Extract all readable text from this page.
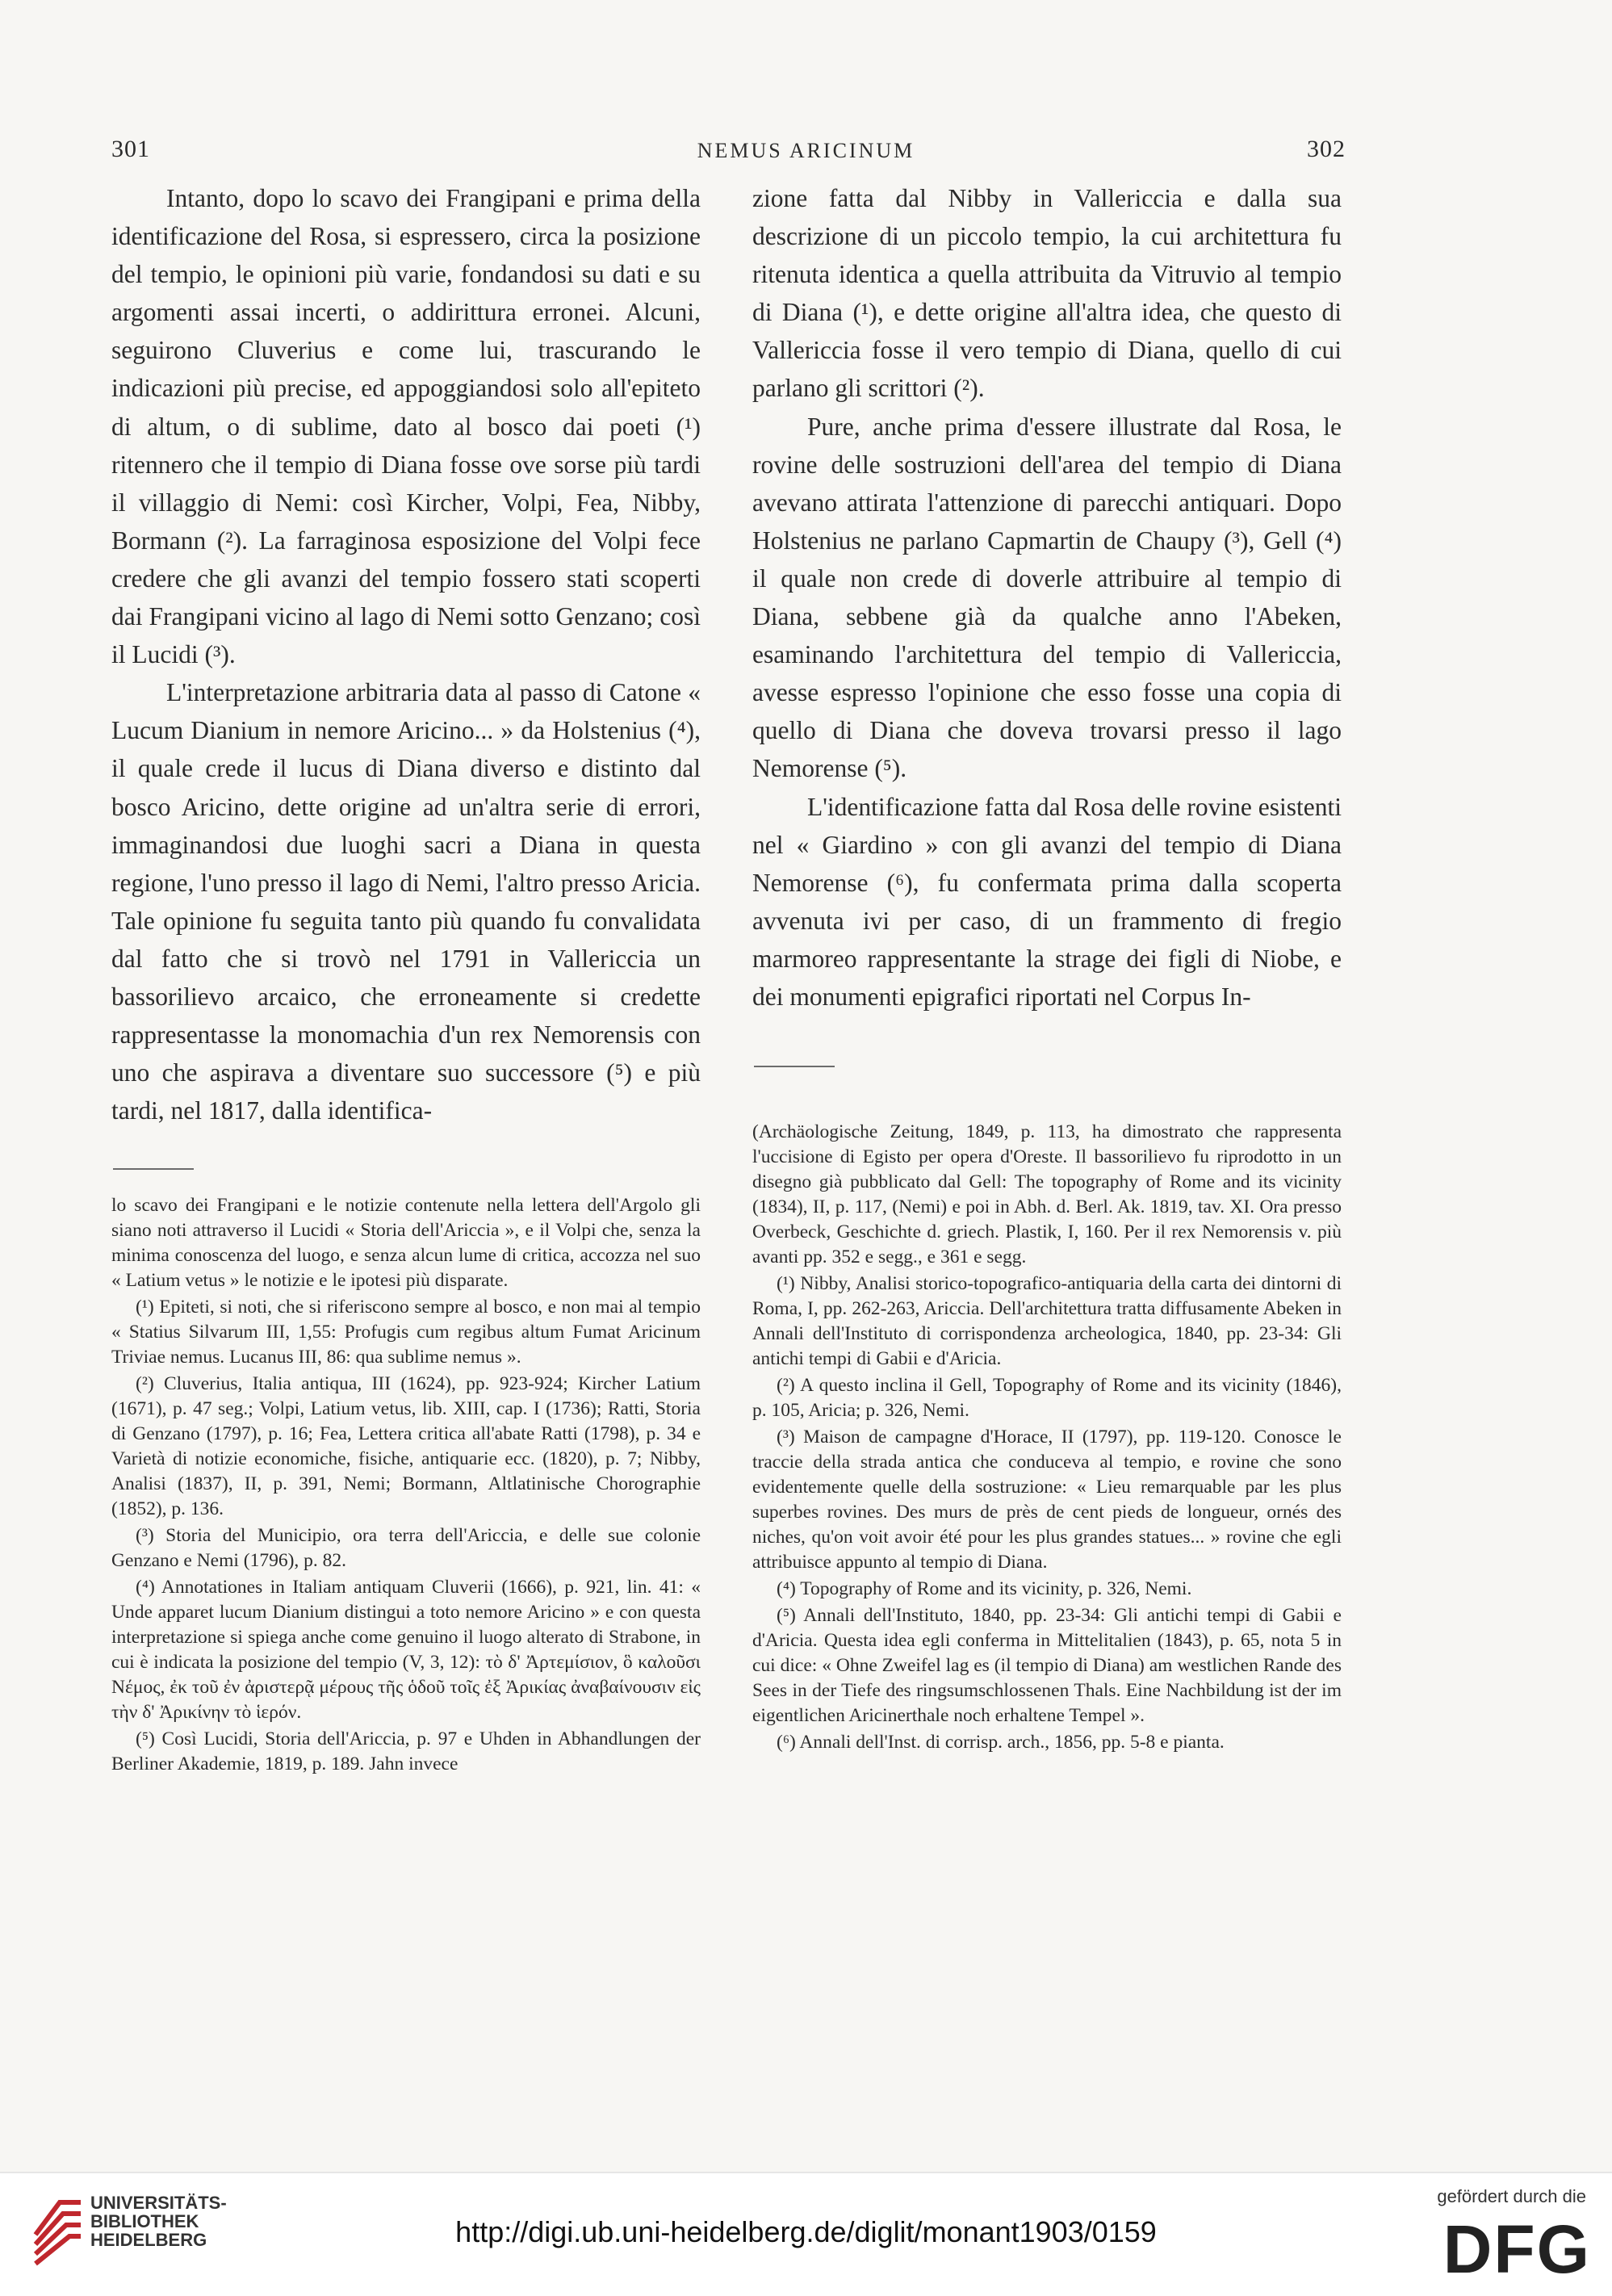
301	NEMUS ARICINUM	302

Intanto, dopo lo scavo dei Frangipani e prima della identificazione del Rosa, si espressero, circa la posizione del tempio, le opinioni più varie, fondandosi su dati e su argomenti assai incerti, o addirittura erronei. Alcuni, seguirono Cluverius e come lui, trascurando le indicazioni più precise, ed appoggiandosi solo all'epiteto di altum, o di sublime, dato al bosco dai poeti (¹) ritennero che il tempio di Diana fosse ove sorse più tardi il villaggio di Nemi: così Kircher, Volpi, Fea, Nibby, Bormann (²). La farraginosa esposizione del Volpi fece credere che gli avanzi del tempio fossero stati scoperti dai Frangipani vicino al lago di Nemi sotto Genzano; così il Lucidi (³).

L'interpretazione arbitraria data al passo di Catone « Lucum Dianium in nemore Aricino... » da Holstenius (⁴), il quale crede il lucus di Diana diverso e distinto dal bosco Aricino, dette origine ad un'altra serie di errori, immaginandosi due luoghi sacri a Diana in questa regione, l'uno presso il lago di Nemi, l'altro presso Aricia. Tale opinione fu seguita tanto più quando fu convalidata dal fatto che si trovò nel 1791 in Vallericcia un bassorilievo arcaico, che erroneamente si credette rappresentasse la monomachia d'un rex Nemorensis con uno che aspirava a diventare suo successore (⁵) e più tardi, nel 1817, dalla identifica-

zione fatta dal Nibby in Vallericcia e dalla sua descrizione di un piccolo tempio, la cui architettura fu ritenuta identica a quella attribuita da Vitruvio al tempio di Diana (¹), e dette origine all'altra idea, che questo di Vallericcia fosse il vero tempio di Diana, quello di cui parlano gli scrittori (²).

Pure, anche prima d'essere illustrate dal Rosa, le rovine delle sostruzioni dell'area del tempio di Diana avevano attirata l'attenzione di parecchi antiquari. Dopo Holstenius ne parlano Capmartin de Chaupy (³), Gell (⁴) il quale non crede di doverle attribuire al tempio di Diana, sebbene già da qualche anno l'Abeken, esaminando l'architettura del tempio di Vallericcia, avesse espresso l'opinione che esso fosse una copia di quello di Diana che doveva trovarsi presso il lago Nemorense (⁵).

L'identificazione fatta dal Rosa delle rovine esistenti nel « Giardino » con gli avanzi del tempio di Diana Nemorense (⁶), fu confermata prima dalla scoperta avvenuta ivi per caso, di un frammento di fregio marmoreo rappresentante la strage dei figli di Niobe, e dei monumenti epigrafici riportati nel Corpus In-

lo scavo dei Frangipani e le notizie contenute nella lettera dell'Argolo gli siano noti attraverso il Lucidi « Storia dell'Ariccia », e il Volpi che, senza la minima conoscenza del luogo, e senza alcun lume di critica, accozza nel suo « Latium vetus » le notizie e le ipotesi più disparate.

(¹) Epiteti, si noti, che si riferiscono sempre al bosco, e non mai al tempio « Statius Silvarum III, 1,55: Profugis cum regibus altum Fumat Aricinum Triviae nemus. Lucanus III, 86: qua sublime nemus ».

(²) Cluverius, Italia antiqua, III (1624), pp. 923-924; Kircher Latium (1671), p. 47 seg.; Volpi, Latium vetus, lib. XIII, cap. I (1736); Ratti, Storia di Genzano (1797), p. 16; Fea, Lettera critica all'abate Ratti (1798), p. 34 e Varietà di notizie economiche, fisiche, antiquarie ecc. (1820), p. 7; Nibby, Analisi (1837), II, p. 391, Nemi; Bormann, Altlatinische Chorographie (1852), p. 136.

(³) Storia del Municipio, ora terra dell'Ariccia, e delle sue colonie Genzano e Nemi (1796), p. 82.

(⁴) Annotationes in Italiam antiquam Cluverii (1666), p. 921, lin. 41: « Unde apparet lucum Dianium distingui a toto nemore Aricino » e con questa interpretazione si spiega anche come genuino il luogo alterato di Strabone, in cui è indicata la posizione del tempio (V, 3, 12): τὸ δ' Ἀρτεμίσιον, ὃ καλοῦσι Νέμος, ἐκ τοῦ ἐν ἀριστερᾷ μέρους τῆς ὁδοῦ τοῖς ἐξ Ἀρικίας ἀναβαίνουσιν εἰς τὴν δ' Ἀρικίνην τὸ ἱερόν.

(⁵) Così Lucidi, Storia dell'Ariccia, p. 97 e Uhden in Abhandlungen der Berliner Akademie, 1819, p. 189. Jahn invece

(Archäologische Zeitung, 1849, p. 113, ha dimostrato che rappresenta l'uccisione di Egisto per opera d'Oreste. Il bassorilievo fu riprodotto in un disegno già pubblicato dal Gell: The topography of Rome and its vicinity (1834), II, p. 117, (Nemi) e poi in Abh. d. Berl. Ak. 1819, tav. XI. Ora presso Overbeck, Geschichte d. griech. Plastik, I, 160. Per il rex Nemorensis v. più avanti pp. 352 e segg., e 361 e segg.

(¹) Nibby, Analisi storico-topografico-antiquaria della carta dei dintorni di Roma, I, pp. 262-263, Ariccia. Dell'architettura tratta diffusamente Abeken in Annali dell'Instituto di corrispondenza archeologica, 1840, pp. 23-34: Gli antichi tempi di Gabii e d'Aricia.

(²) A questo inclina il Gell, Topography of Rome and its vicinity (1846), p. 105, Aricia; p. 326, Nemi.

(³) Maison de campagne d'Horace, II (1797), pp. 119-120. Conosce le traccie della strada antica che conduceva al tempio, e rovine che sono evidentemente quelle della sostruzione: « Lieu remarquable par les plus superbes rovines. Des murs de près de cent pieds de longueur, ornés des niches, qu'on voit avoir été pour les plus grandes statues... » rovine che egli attribuisce appunto al tempio di Diana.

(⁴) Topography of Rome and its vicinity, p. 326, Nemi.

(⁵) Annali dell'Instituto, 1840, pp. 23-34: Gli antichi tempi di Gabii e d'Aricia. Questa idea egli conferma in Mittelitalien (1843), p. 65, nota 5 in cui dice: « Ohne Zweifel lag es (il tempio di Diana) am westlichen Rande des Sees in der Tiefe des ringsumschlossenen Thals. Eine Nachbildung ist der im eigentlichen Aricinerthale noch erhaltene Tempel ».

(⁶) Annali dell'Inst. di corrisp. arch., 1856, pp. 5-8 e pianta.

UNIVERSITÄTS-
BIBLIOTHEK
HEIDELBERG	http://digi.ub.uni-heidelberg.de/diglit/monant1903/0159
gefördert durch die
DFG
